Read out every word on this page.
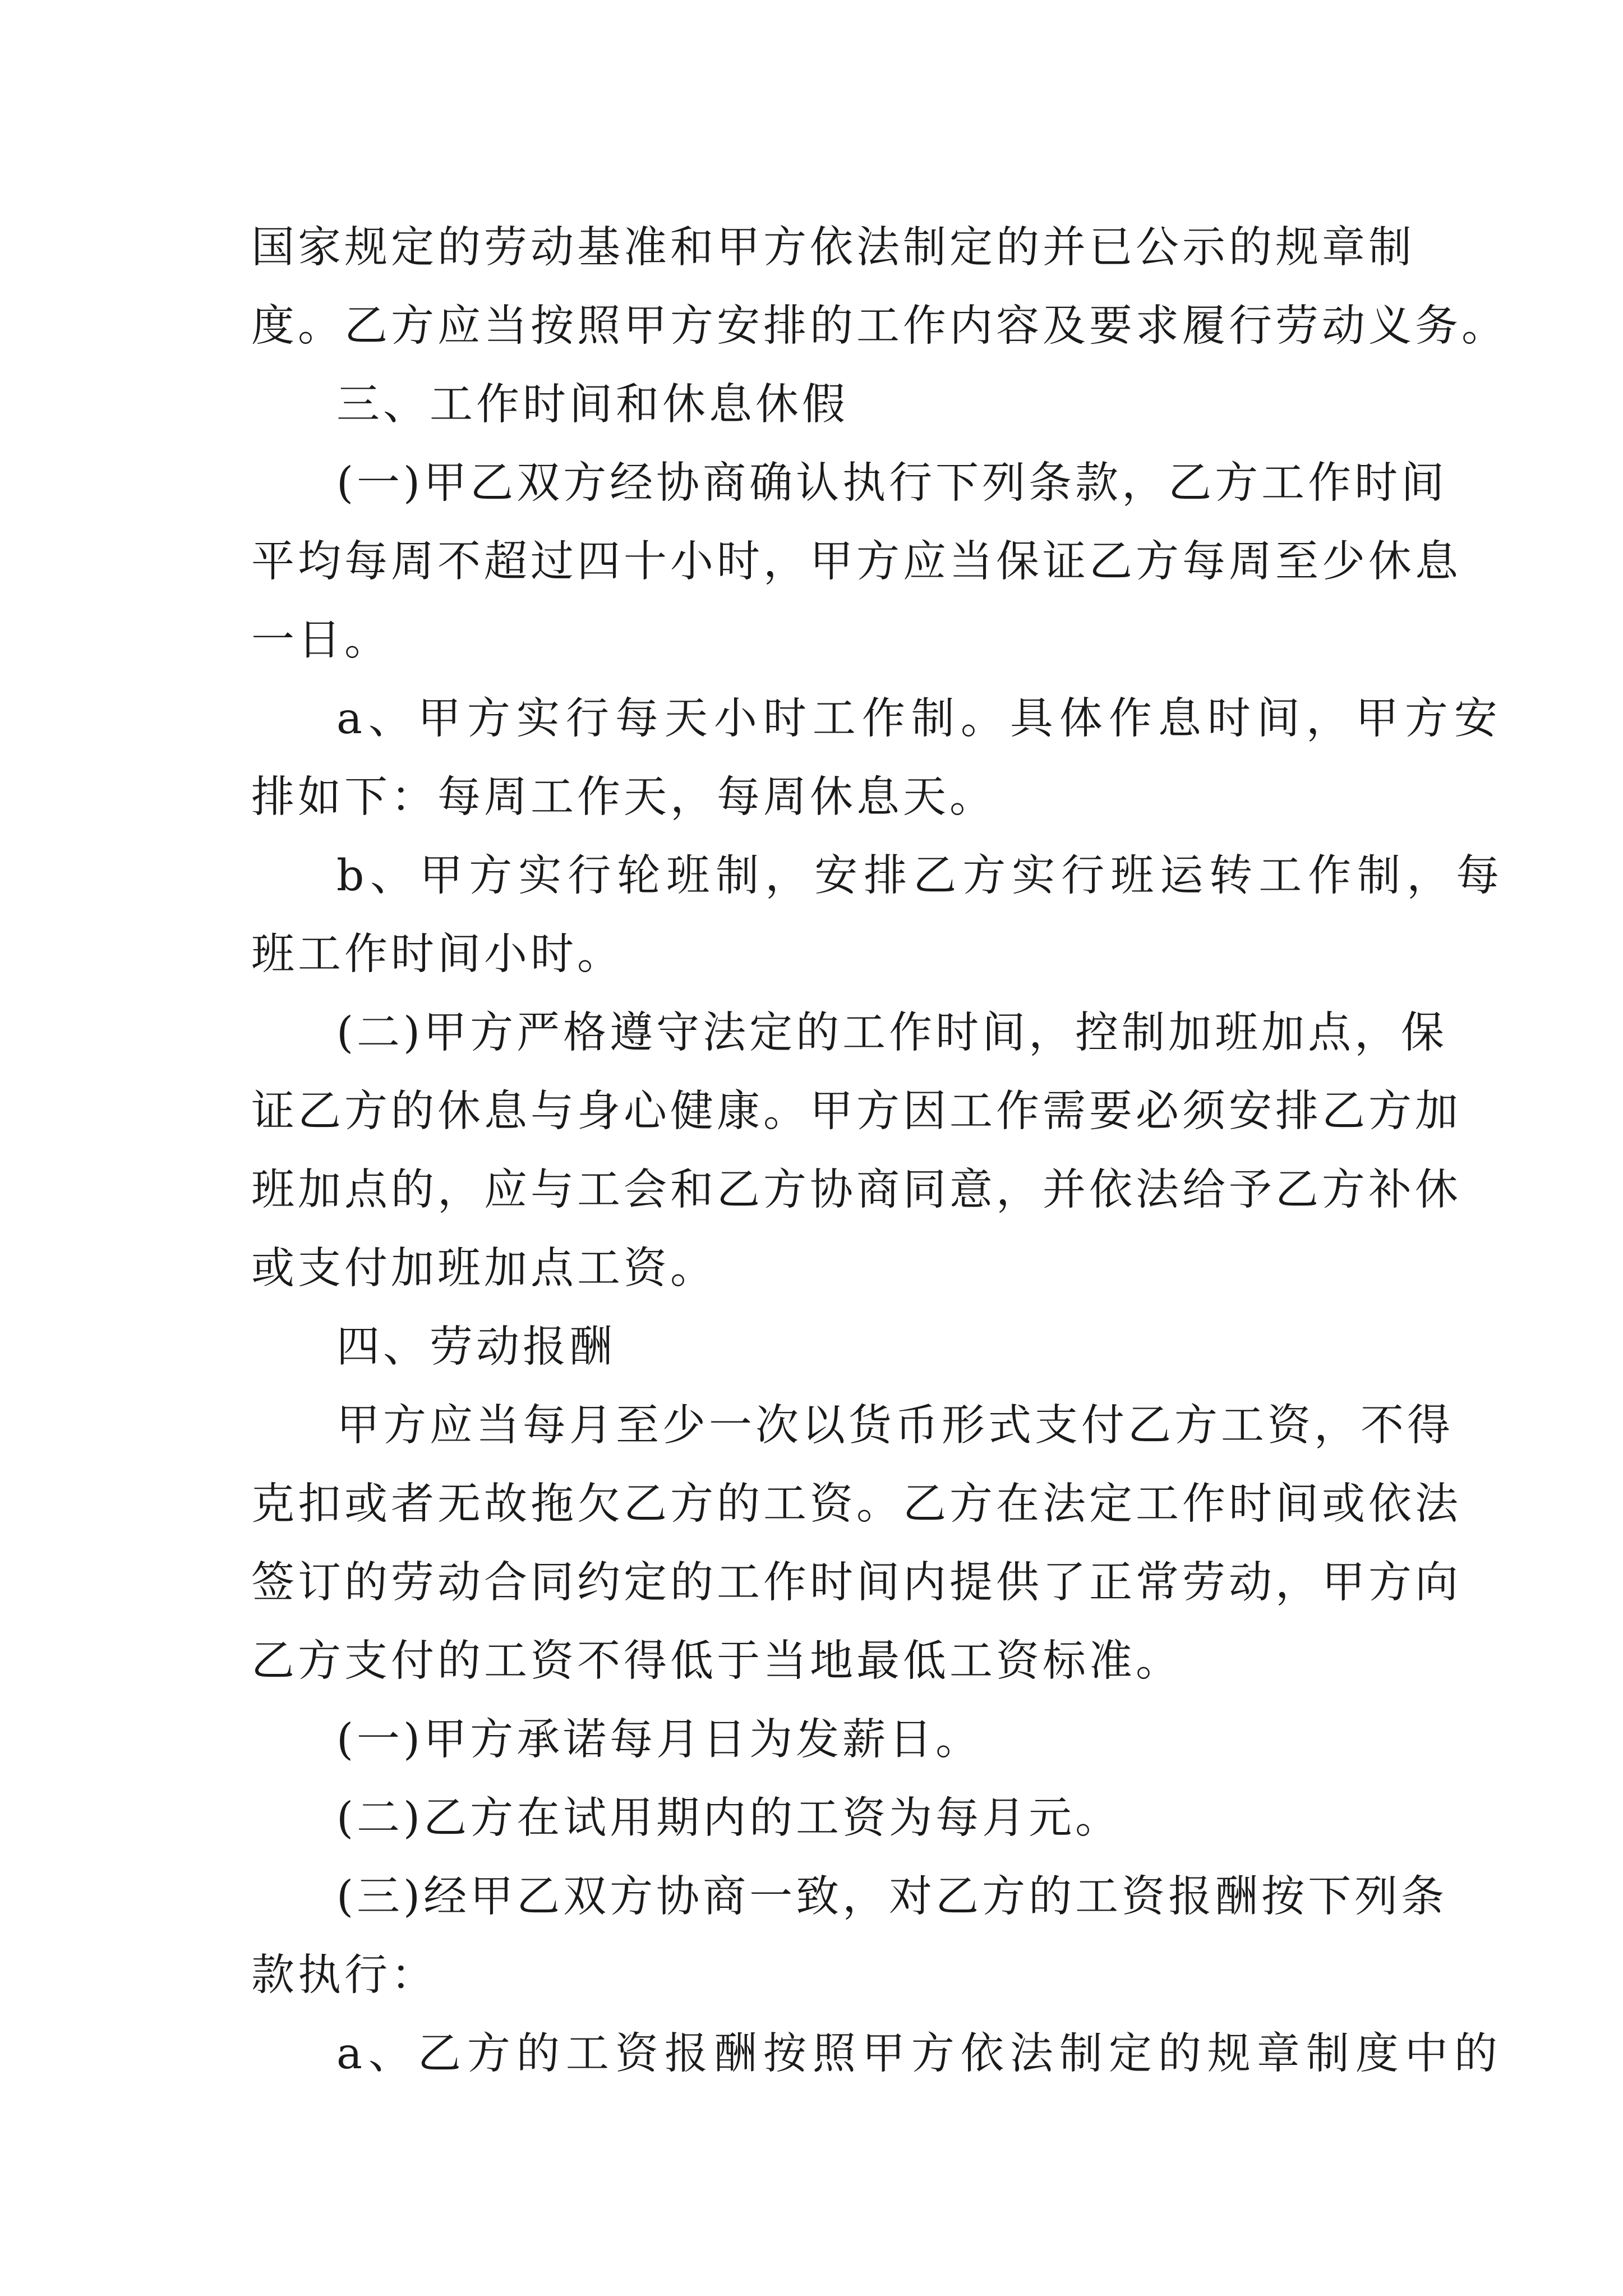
国家规定的劳动基准和甲方依法制定的并已公示的规章制

度。乙方应当按照甲方安排的工作内容及要求履行劳动义务。

三、工作时间和休息休假

(一)甲乙双方经协商确认执行下列条款，乙方工作时间

平均每周不超过四十小时，甲方应当保证乙方每周至少休息

一日。

a、甲方实行每天小时工作制。具体作息时间，甲方安

排如下：每周工作天，每周休息天。

b、甲方实行轮班制，安排乙方实行班运转工作制，每

班工作时间小时。

(二)甲方严格遵守法定的工作时间，控制加班加点，保

证乙方的休息与身心健康。甲方因工作需要必须安排乙方加

班加点的，应与工会和乙方协商同意，并依法给予乙方补休

或支付加班加点工资。

四、劳动报酬

甲方应当每月至少一次以货币形式支付乙方工资，不得

克扣或者无故拖欠乙方的工资。乙方在法定工作时间或依法

签订的劳动合同约定的工作时间内提供了正常劳动，甲方向

乙方支付的工资不得低于当地最低工资标准。

(一)甲方承诺每月日为发薪日。

(二)乙方在试用期内的工资为每月元。

(三)经甲乙双方协商一致，对乙方的工资报酬按下列条

款执行：

a、乙方的工资报酬按照甲方依法制定的规章制度中的
